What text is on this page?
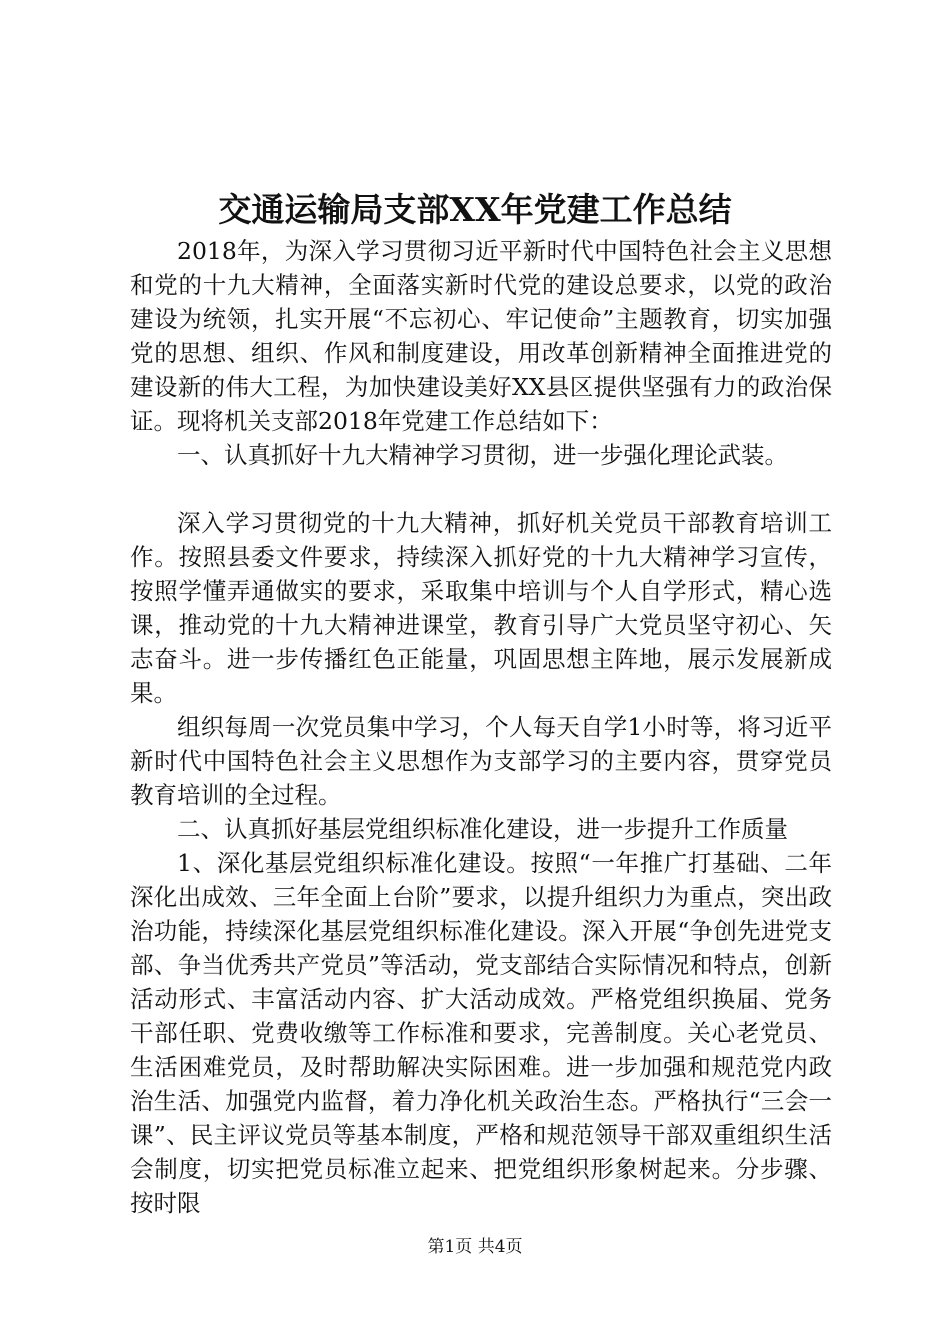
交通运输局支部XX年党建工作总结

2018年，为深入学习贯彻习近平新时代中国特色社会主义思想和党的十九大精神，全面落实新时代党的建设总要求，以党的政治建设为统领，扎实开展“不忘初心、牢记使命”主题教育，切实加强党的思想、组织、作风和制度建设，用改革创新精神全面推进党的建设新的伟大工程，为加快建设美好XX县区提供坚强有力的政治保证。现将机关支部2018年党建工作总结如下：

一、认真抓好十九大精神学习贯彻，进一步强化理论武装。

深入学习贯彻党的十九大精神，抓好机关党员干部教育培训工作。按照县委文件要求，持续深入抓好党的十九大精神学习宣传，按照学懂弄通做实的要求，采取集中培训与个人自学形式，精心选课，推动党的十九大精神进课堂，教育引导广大党员坚守初心、矢志奋斗。进一步传播红色正能量，巩固思想主阵地，展示发展新成果。

组织每周一次党员集中学习，个人每天自学1小时等，将习近平新时代中国特色社会主义思想作为支部学习的主要内容，贯穿党员教育培训的全过程。

二、认真抓好基层党组织标准化建设，进一步提升工作质量

1、深化基层党组织标准化建设。按照“一年推广打基础、二年深化出成效、三年全面上台阶”要求，以提升组织力为重点，突出政治功能，持续深化基层党组织标准化建设。深入开展“争创先进党支部、争当优秀共产党员”等活动，党支部结合实际情况和特点，创新活动形式、丰富活动内容、扩大活动成效。严格党组织换届、党务干部任职、党费收缴等工作标准和要求，完善制度。关心老党员、生活困难党员，及时帮助解决实际困难。进一步加强和规范党内政治生活、加强党内监督，着力净化机关政治生态。严格执行“三会一课”、民主评议党员等基本制度，严格和规范领导干部双重组织生活会制度，切实把党员标准立起来、把党组织形象树起来。分步骤、按时限

第1页 共4页
